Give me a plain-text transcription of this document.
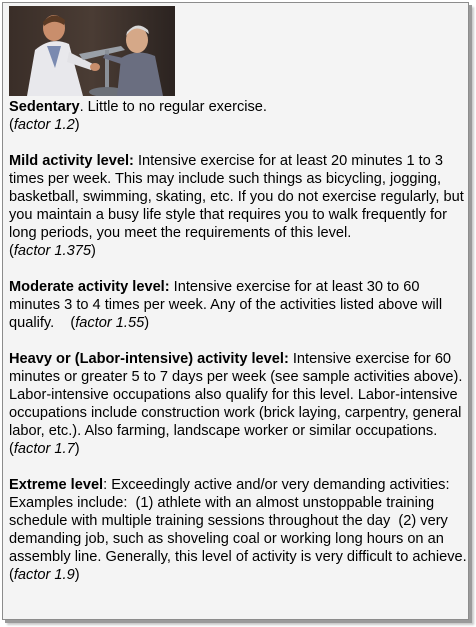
Sedentary. Little to no regular exercise.

(factor 1.2)

Mild activity level: Intensive exercise for at least 20 minutes 1 to 3 times per week. This may include such things as bicycling, jogging, basketball, swimming, skating, etc. If you do not exercise regularly, but you maintain a busy life style that requires you to walk frequently for long periods, you meet the requirements of this level.

(factor 1.375)

Moderate activity level: Intensive exercise for at least 30 to 60 minutes 3 to 4 times per week. Any of the activities listed above will qualify.    (factor 1.55)

Heavy or (Labor-intensive) activity level: Intensive exercise for 60 minutes or greater 5 to 7 days per week (see sample activities above).  Labor-intensive occupations also qualify for this level. Labor-intensive occupations include construction work (brick laying, carpentry, general labor, etc.). Also farming, landscape worker or similar occupations.     (factor 1.7)

Extreme level: Exceedingly active and/or very demanding activities:  Examples include:  (1) athlete with an almost unstoppable training schedule with multiple training sessions throughout the day  (2) very demanding job, such as shoveling coal or working long hours on an assembly line. Generally, this level of activity is very difficult to achieve.  (factor 1.9)
